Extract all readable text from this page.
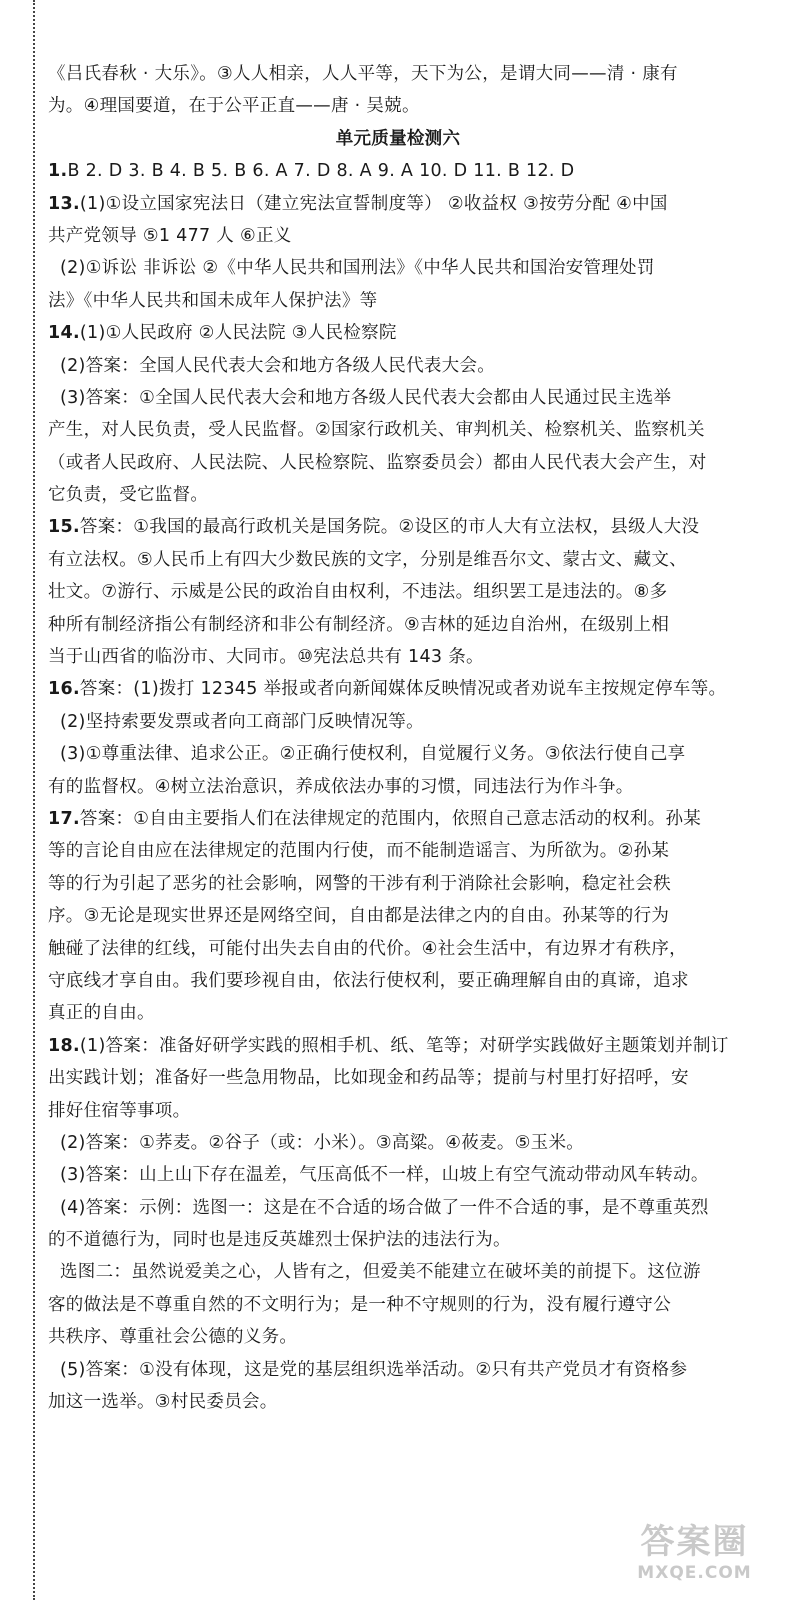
《吕氏春秋 · 大乐》。③人人相亲，人人平等，天下为公，是谓大同——清 · 康有
为。④理国要道，在于公平正直——唐 · 吴兢。
单元质量检测六
1.B 2. D 3. B 4. B 5. B 6. A 7. D 8. A 9. A 10. D 11. B 12. D
13.(1)①设立国家宪法日（建立宪法宣誓制度等） ②收益权 ③按劳分配 ④中国
共产党领导 ⑤1 477 人 ⑥正义
(2)①诉讼 非诉讼 ②《中华人民共和国刑法》《中华人民共和国治安管理处罚
法》《中华人民共和国未成年人保护法》等
14.(1)①人民政府 ②人民法院 ③人民检察院
(2)答案：全国人民代表大会和地方各级人民代表大会。
(3)答案：①全国人民代表大会和地方各级人民代表大会都由人民通过民主选举
产生，对人民负责，受人民监督。②国家行政机关、审判机关、检察机关、监察机关
（或者人民政府、人民法院、人民检察院、监察委员会）都由人民代表大会产生，对
它负责，受它监督。
15.答案：①我国的最高行政机关是国务院。②设区的市人大有立法权，县级人大没
有立法权。⑤人民币上有四大少数民族的文字，分别是维吾尔文、蒙古文、藏文、
壮文。⑦游行、示威是公民的政治自由权利，不违法。组织罢工是违法的。⑧多
种所有制经济指公有制经济和非公有制经济。⑨吉林的延边自治州，在级别上相
当于山西省的临汾市、大同市。⑩宪法总共有 143 条。
16.答案：(1)拨打 12345 举报或者向新闻媒体反映情况或者劝说车主按规定停车等。
(2)坚持索要发票或者向工商部门反映情况等。
(3)①尊重法律、追求公正。②正确行使权利，自觉履行义务。③依法行使自己享
有的监督权。④树立法治意识，养成依法办事的习惯，同违法行为作斗争。
17.答案：①自由主要指人们在法律规定的范围内，依照自己意志活动的权利。孙某
等的言论自由应在法律规定的范围内行使，而不能制造谣言、为所欲为。②孙某
等的行为引起了恶劣的社会影响，网警的干涉有利于消除社会影响，稳定社会秩
序。③无论是现实世界还是网络空间，自由都是法律之内的自由。孙某等的行为
触碰了法律的红线，可能付出失去自由的代价。④社会生活中，有边界才有秩序，
守底线才享自由。我们要珍视自由，依法行使权利，要正确理解自由的真谛，追求
真正的自由。
18.(1)答案：准备好研学实践的照相手机、纸、笔等；对研学实践做好主题策划并制订
出实践计划；准备好一些急用物品，比如现金和药品等；提前与村里打好招呼，安
排好住宿等事项。
(2)答案：①荞麦。②谷子（或：小米）。③高粱。④莜麦。⑤玉米。
(3)答案：山上山下存在温差，气压高低不一样，山坡上有空气流动带动风车转动。
(4)答案：示例：选图一：这是在不合适的场合做了一件不合适的事，是不尊重英烈
的不道德行为，同时也是违反英雄烈士保护法的违法行为。
选图二：虽然说爱美之心，人皆有之，但爱美不能建立在破坏美的前提下。这位游
客的做法是不尊重自然的不文明行为；是一种不守规则的行为，没有履行遵守公
共秩序、尊重社会公德的义务。
(5)答案：①没有体现，这是党的基层组织选举活动。②只有共产党员才有资格参
加这一选举。③村民委员会。
答案圈
MXQE.COM
